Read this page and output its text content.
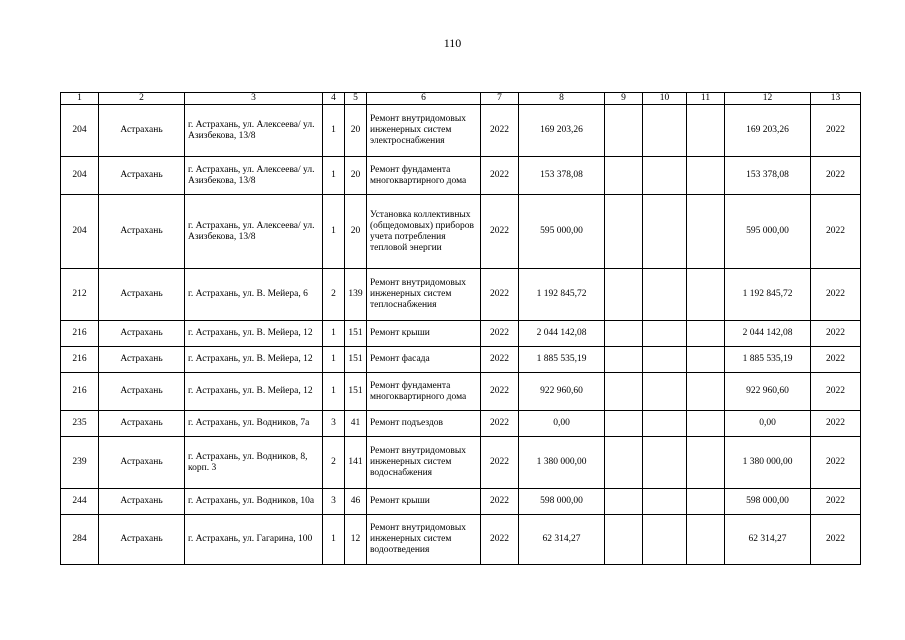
110
1	2	3	4	5	6	7	8	9	10	11	12	13
204	Астрахань	г. Астрахань, ул. Алексеева/ ул. Азизбекова, 13/8	1	20	Ремонт внутридомовых инженерных систем электроснабжения	2022	169 203,26				169 203,26	2022
204	Астрахань	г. Астрахань, ул. Алексеева/ ул. Азизбекова, 13/8	1	20	Ремонт фундамента многоквартирного дома	2022	153 378,08				153 378,08	2022
204	Астрахань	г. Астрахань, ул. Алексеева/ ул. Азизбекова, 13/8	1	20	Установка коллективных (общедомовых) приборов учета потребления тепловой энергии	2022	595 000,00				595 000,00	2022
212	Астрахань	г. Астрахань, ул. В. Мейера, 6	2	139	Ремонт внутридомовых инженерных систем теплоснабжения	2022	1 192 845,72				1 192 845,72	2022
216	Астрахань	г. Астрахань, ул. В. Мейера, 12	1	151	Ремонт крыши	2022	2 044 142,08				2 044 142,08	2022
216	Астрахань	г. Астрахань, ул. В. Мейера, 12	1	151	Ремонт фасада	2022	1 885 535,19				1 885 535,19	2022
216	Астрахань	г. Астрахань, ул. В. Мейера, 12	1	151	Ремонт фундамента многоквартирного дома	2022	922 960,60				922 960,60	2022
235	Астрахань	г. Астрахань, ул. Водников, 7а	3	41	Ремонт подъездов	2022	0,00				0,00	2022
239	Астрахань	г. Астрахань, ул. Водников, 8, корп. 3	2	141	Ремонт внутридомовых инженерных систем водоснабжения	2022	1 380 000,00				1 380 000,00	2022
244	Астрахань	г. Астрахань, ул. Водников, 10а	3	46	Ремонт крыши	2022	598 000,00				598 000,00	2022
284	Астрахань	г. Астрахань, ул. Гагарина, 100	1	12	Ремонт внутридомовых инженерных систем водоотведения	2022	62 314,27				62 314,27	2022
